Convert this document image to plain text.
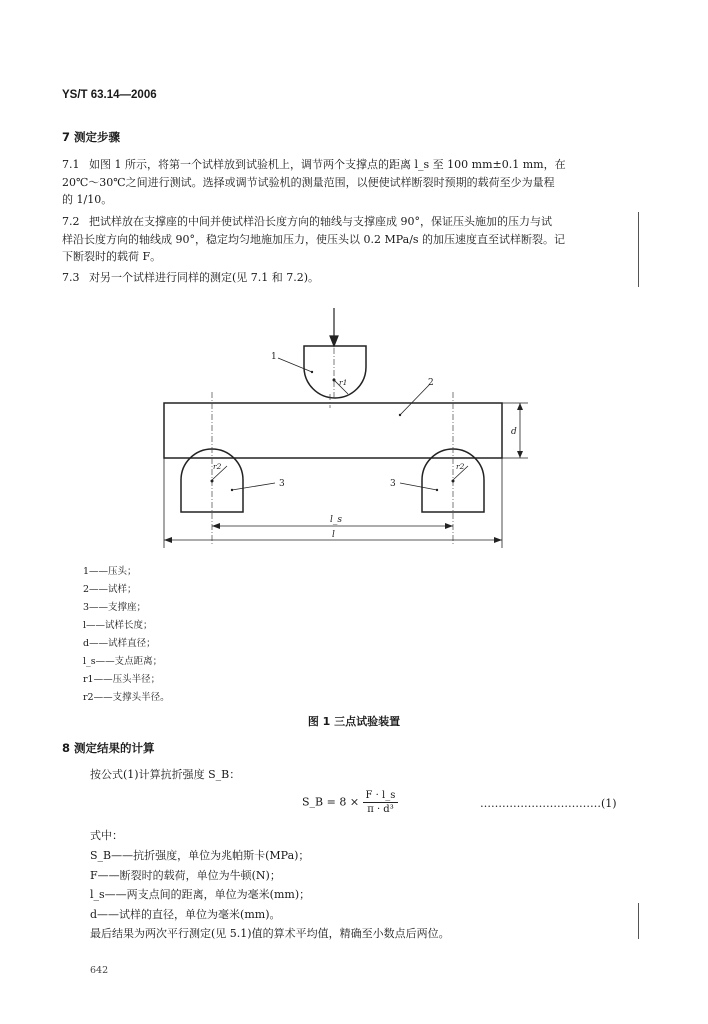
YS/T 63.14—2006
7 测定步骤
7.1 如图 1 所示，将第一个试样放到试验机上，调节两个支撑点的距离 l_s 至 100 mm±0.1 mm，在
20℃～30℃之间进行测试。选择或调节试验机的测量范围，以便使试样断裂时预期的载荷至少为量程
的 1/10。
7.2 把试样放在支撑座的中间并使试样沿长度方向的轴线与支撑座成 90°，保证压头施加的压力与试
样沿长度方向的轴线成 90°，稳定均匀地施加压力，使压头以 0.2 MPa/s 的加压速度直至试样断裂。记
下断裂时的载荷 F。
7.3 对另一个试样进行同样的测定(见 7.1 和 7.2)。
1
2
3	3
d
l_s
l
r1
r2	r2
1——压头；
2——试样；
3——支撑座；
l——试样长度；
d——试样直径；
l_s——支点距离；
r1——压头半径；
r2——支撑头半径。
图 1 三点试验装置
8 测定结果的计算
按公式(1)计算抗折强度 S_B：
S_B = $8 \times \frac{F \cdot l\_s}{\text{π · d³}}$	……………………………(1)
式中：
S_B——抗折强度，单位为兆帕斯卡(MPa)；
F——断裂时的载荷，单位为牛顿(N)；
l_s——两支点间的距离，单位为毫米(mm)；
d——试样的直径，单位为毫米(mm)。
最后结果为两次平行测定(见 5.1)值的算术平均值，精确至小数点后两位。
642
